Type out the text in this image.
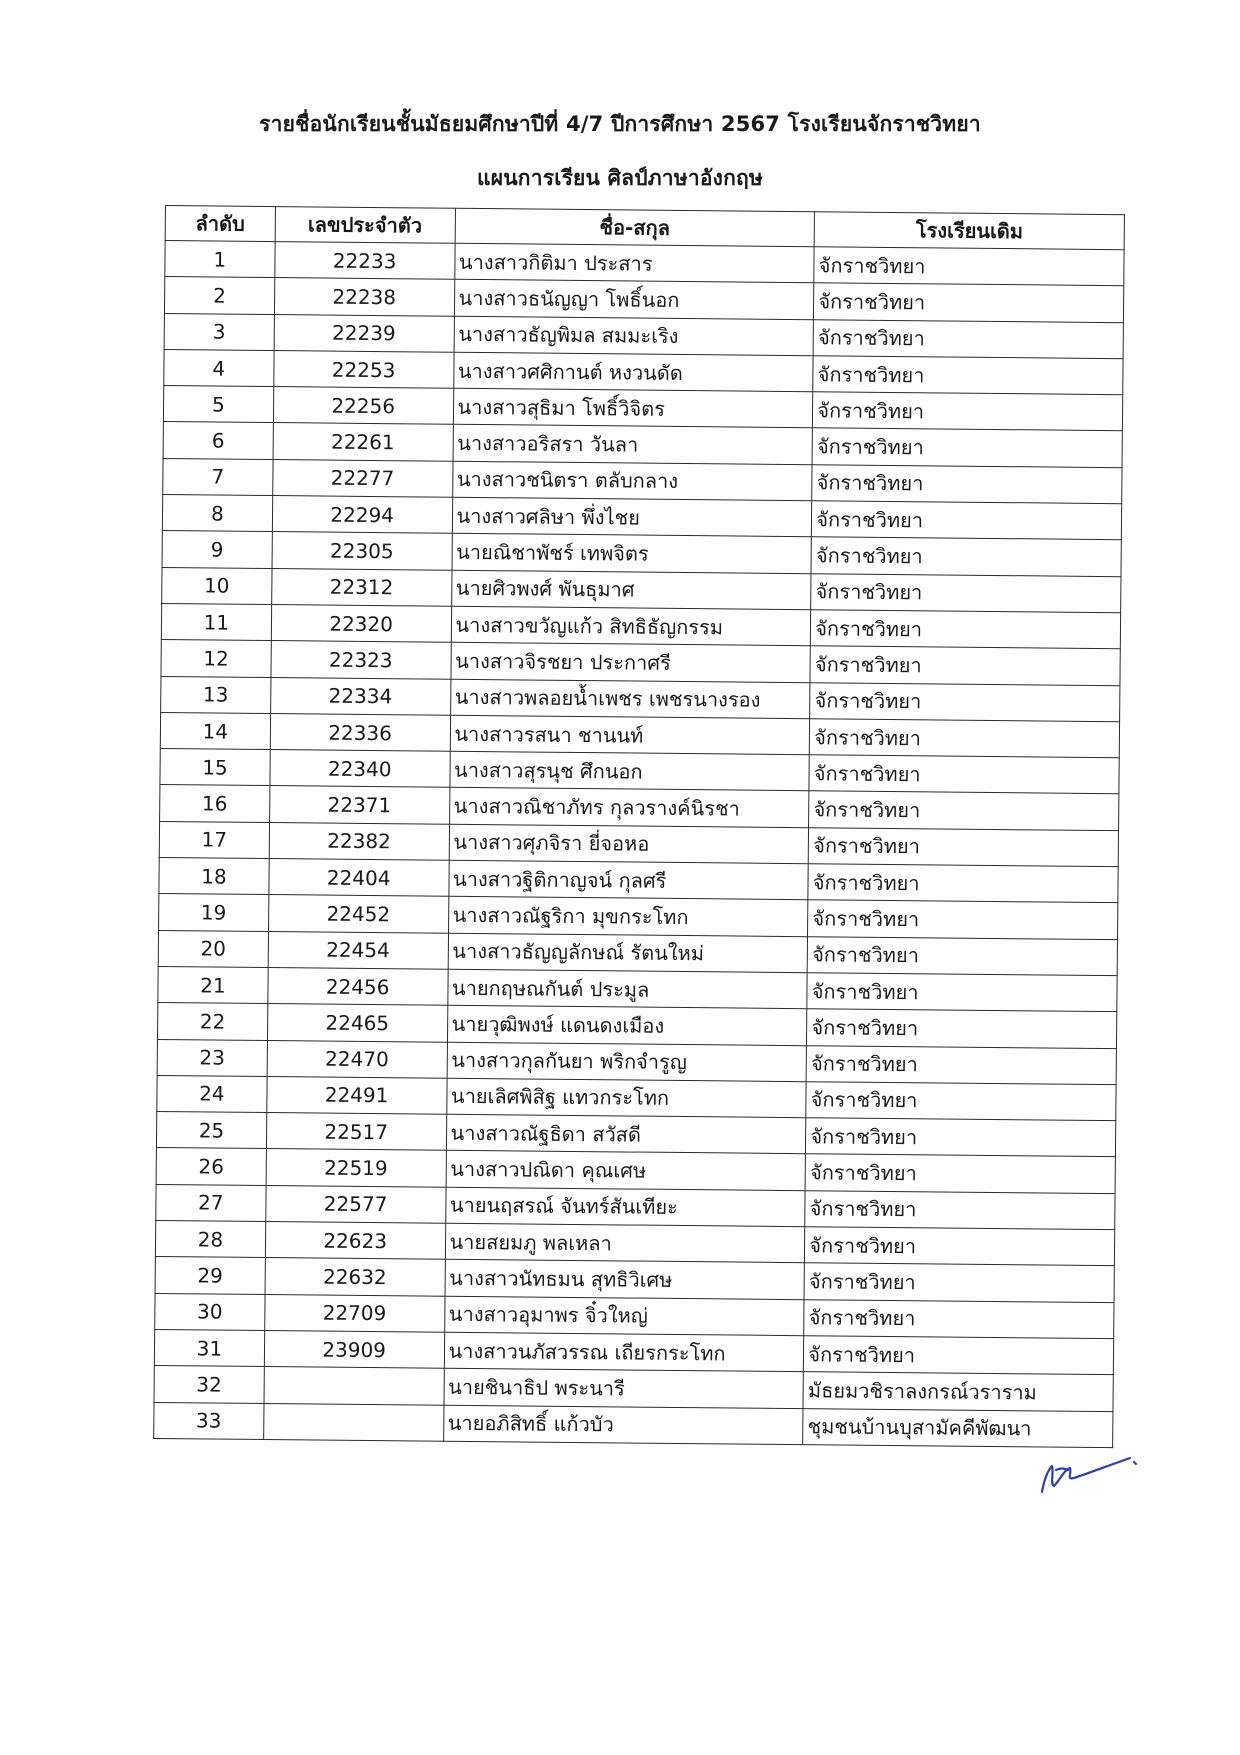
รายชื่อนักเรียนชั้นมัธยมศึกษาปีที่ 4/7 ปีการศึกษา 2567 โรงเรียนจักราชวิทยา
แผนการเรียน ศิลป์ภาษาอังกฤษ
ลำดับ	เลขประจำตัว	ชื่อ-สกุล	โรงเรียนเดิม
1	22233	นางสาวกิติมา ประสาร	จักราชวิทยา
2	22238	นางสาวธนัญญา โพธิ์นอก	จักราชวิทยา
3	22239	นางสาวธัญพิมล สมมะเริง	จักราชวิทยา
4	22253	นางสาวศศิกานต์ หงวนดัด	จักราชวิทยา
5	22256	นางสาวสุธิมา โพธิ์วิจิตร	จักราชวิทยา
6	22261	นางสาวอริสรา วันลา	จักราชวิทยา
7	22277	นางสาวชนิตรา ตลับกลาง	จักราชวิทยา
8	22294	นางสาวศลิษา พึ่งไชย	จักราชวิทยา
9	22305	นายณิชาพัชร์ เทพจิตร	จักราชวิทยา
10	22312	นายศิวพงศ์ พันธุมาศ	จักราชวิทยา
11	22320	นางสาวขวัญแก้ว สิทธิธัญกรรม	จักราชวิทยา
12	22323	นางสาวจิรชยา ประกาศรี	จักราชวิทยา
13	22334	นางสาวพลอยน้ำเพชร เพชรนางรอง	จักราชวิทยา
14	22336	นางสาวรสนา ชานนท์	จักราชวิทยา
15	22340	นางสาวสุรนุช ศึกนอก	จักราชวิทยา
16	22371	นางสาวณิชาภัทร กุลวรางค์นิรชา	จักราชวิทยา
17	22382	นางสาวศุภจิรา ยี่จอหอ	จักราชวิทยา
18	22404	นางสาวฐิติกาญจน์ กุลศรี	จักราชวิทยา
19	22452	นางสาวณัฐริกา มุขกระโทก	จักราชวิทยา
20	22454	นางสาวธัญญลักษณ์ รัตนใหม่	จักราชวิทยา
21	22456	นายกฤษณกันต์ ประมูล	จักราชวิทยา
22	22465	นายวุฒิพงษ์ แดนดงเมือง	จักราชวิทยา
23	22470	นางสาวกุลกันยา พริกจำรูญ	จักราชวิทยา
24	22491	นายเลิศพิสิฐ แทวกระโทก	จักราชวิทยา
25	22517	นางสาวณัฐธิดา สวัสดี	จักราชวิทยา
26	22519	นางสาวปณิดา คุณเศษ	จักราชวิทยา
27	22577	นายนฤสรณ์ จันทร์สันเทียะ	จักราชวิทยา
28	22623	นายสยมภู พลเหลา	จักราชวิทยา
29	22632	นางสาวนัทธมน สุทธิวิเศษ	จักราชวิทยา
30	22709	นางสาวอุมาพร จิ๋วใหญ่	จักราชวิทยา
31	23909	นางสาวนภัสวรรณ เถียรกระโทก	จักราชวิทยา
32		นายชินาธิป พระนารี	มัธยมวชิราลงกรณ์วราราม
33		นายอภิสิทธิ์ แก้วบัว	ชุมชนบ้านบุสามัคคีพัฒนา
